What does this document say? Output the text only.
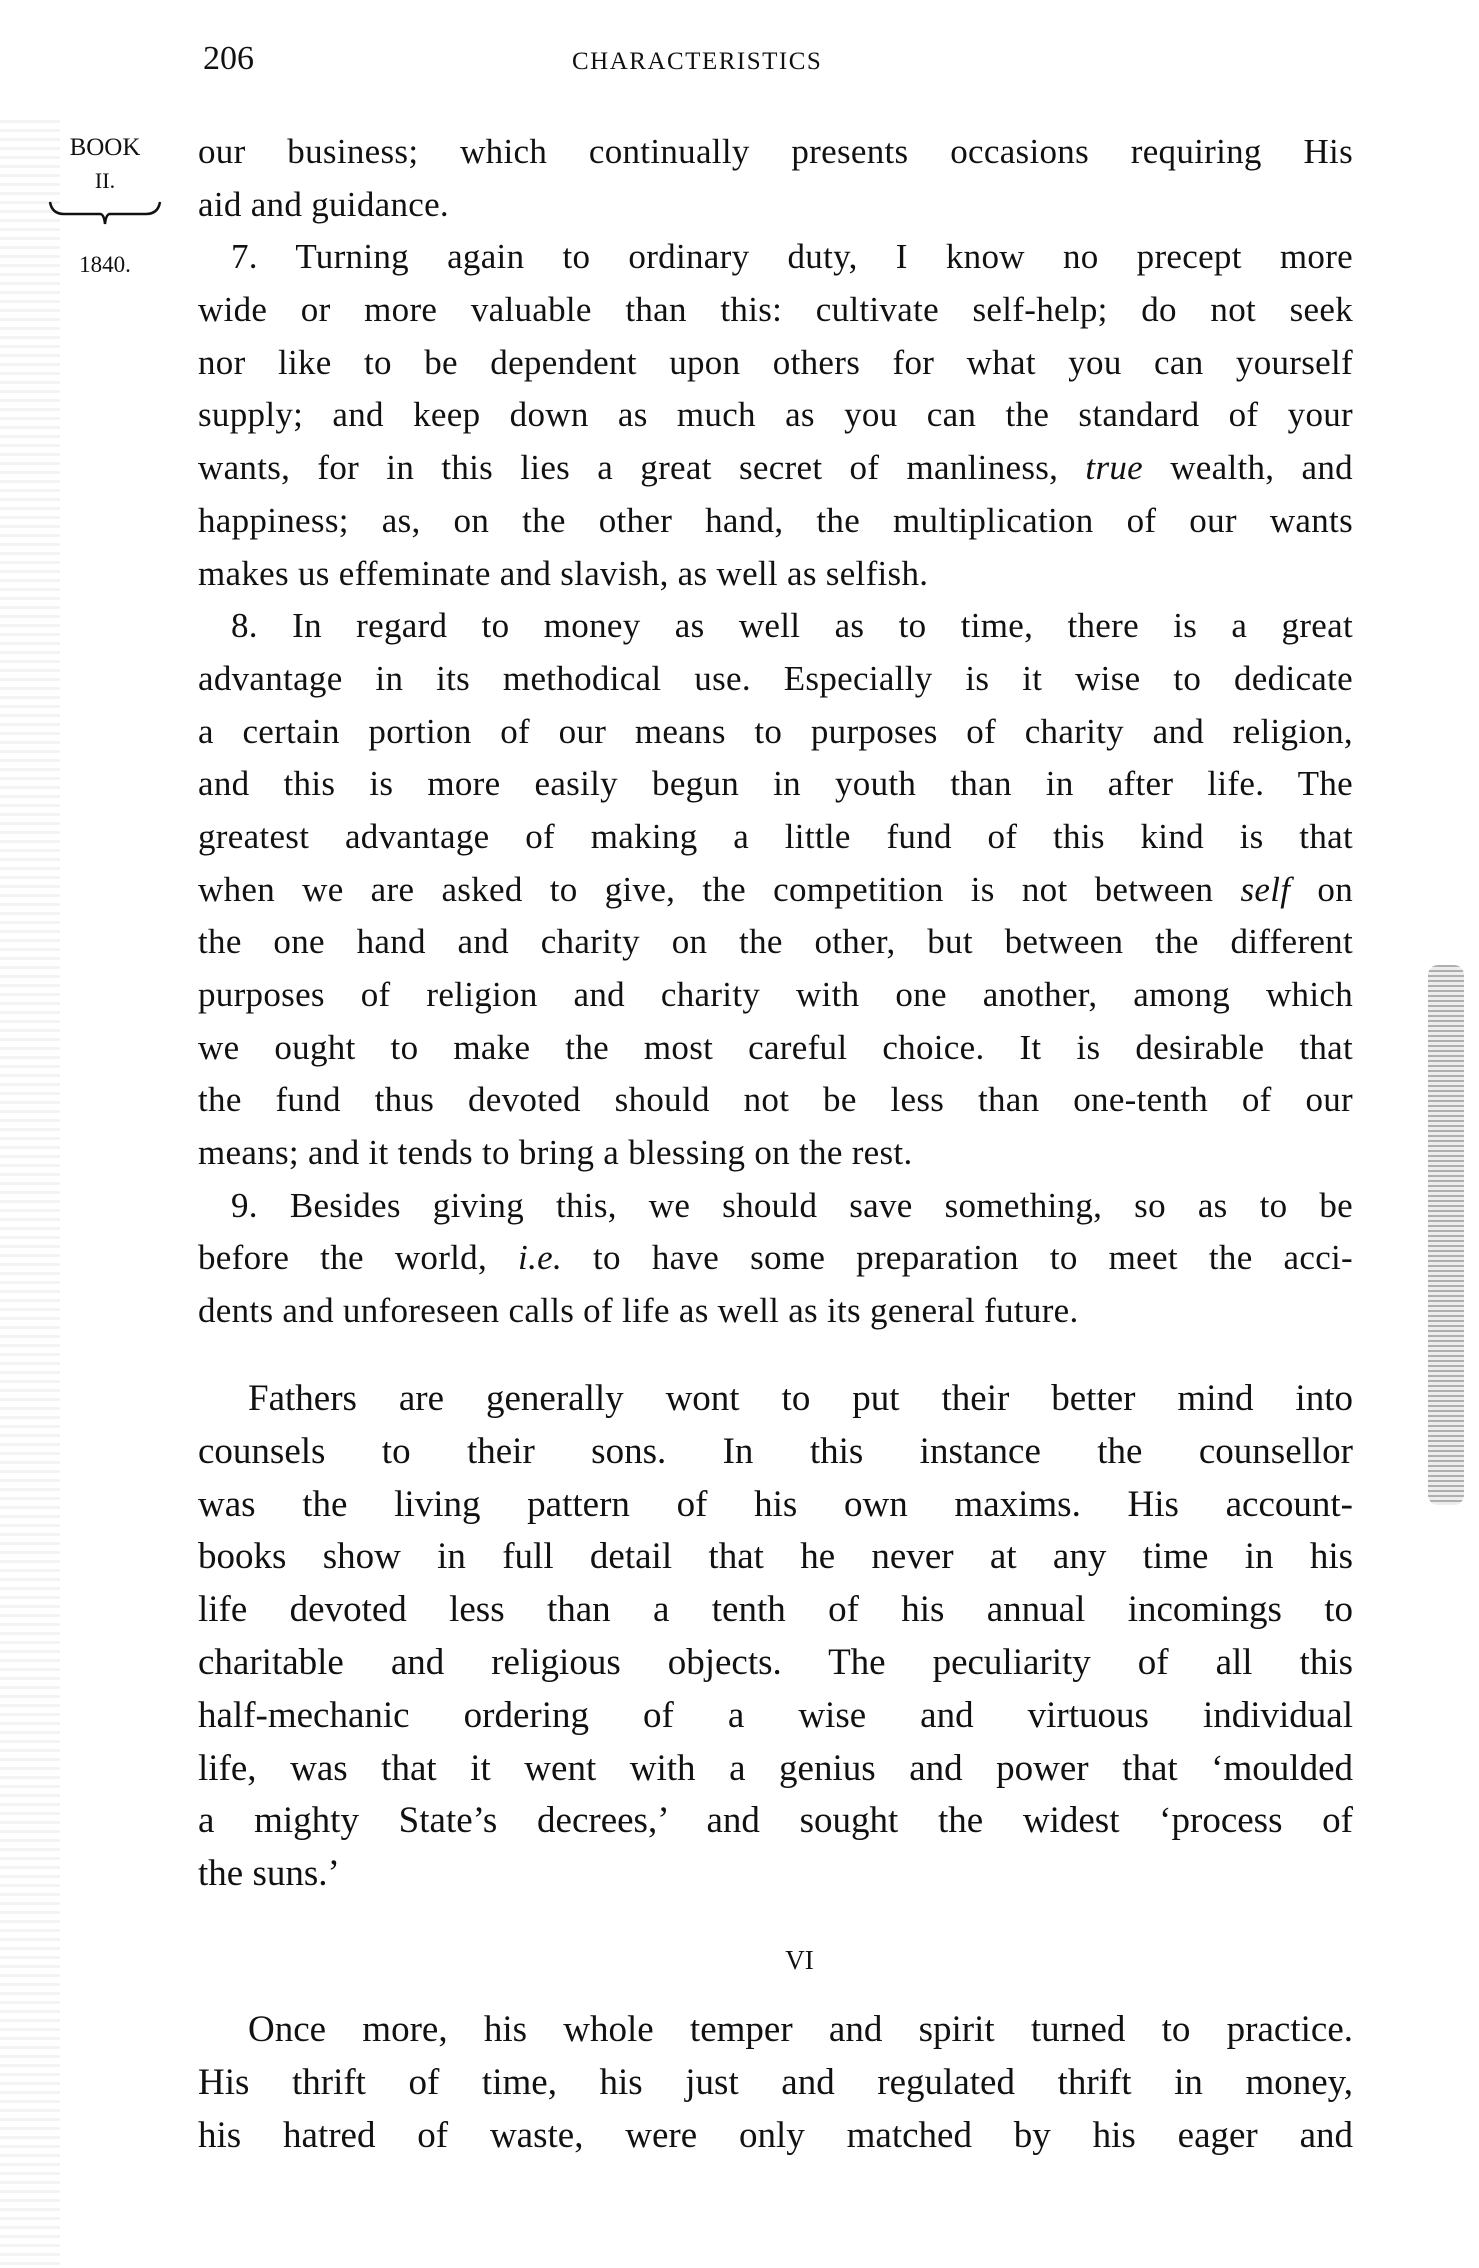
206	CHARACTERISTICS
BOOK
II.
1840.
our business; which continually presents occasions requiring His
aid and guidance.
7. Turning again to ordinary duty, I know no precept more
wide or more valuable than this: cultivate self-help; do not seek
nor like to be dependent upon others for what you can yourself
supply; and keep down as much as you can the standard of your
wants, for in this lies a great secret of manliness, true wealth, and
happiness; as, on the other hand, the multiplication of our wants
makes us effeminate and slavish, as well as selfish.
8. In regard to money as well as to time, there is a great
advantage in its methodical use. Especially is it wise to dedicate
a certain portion of our means to purposes of charity and religion,
and this is more easily begun in youth than in after life. The
greatest advantage of making a little fund of this kind is that
when we are asked to give, the competition is not between self on
the one hand and charity on the other, but between the different
purposes of religion and charity with one another, among which
we ought to make the most careful choice. It is desirable that
the fund thus devoted should not be less than one-tenth of our
means; and it tends to bring a blessing on the rest.
9. Besides giving this, we should save something, so as to be
before the world, i.e. to have some preparation to meet the acci-
dents and unforeseen calls of life as well as its general future.
Fathers are generally wont to put their better mind into
counsels to their sons. In this instance the counsellor
was the living pattern of his own maxims. His account-
books show in full detail that he never at any time in his
life devoted less than a tenth of his annual incomings to
charitable and religious objects. The peculiarity of all this
half-mechanic ordering of a wise and virtuous individual
life, was that it went with a genius and power that ‘moulded
a mighty State’s decrees,’ and sought the widest ‘process of
the suns.’
VI
Once more, his whole temper and spirit turned to practice.
His thrift of time, his just and regulated thrift in money,
his hatred of waste, were only matched by his eager and
